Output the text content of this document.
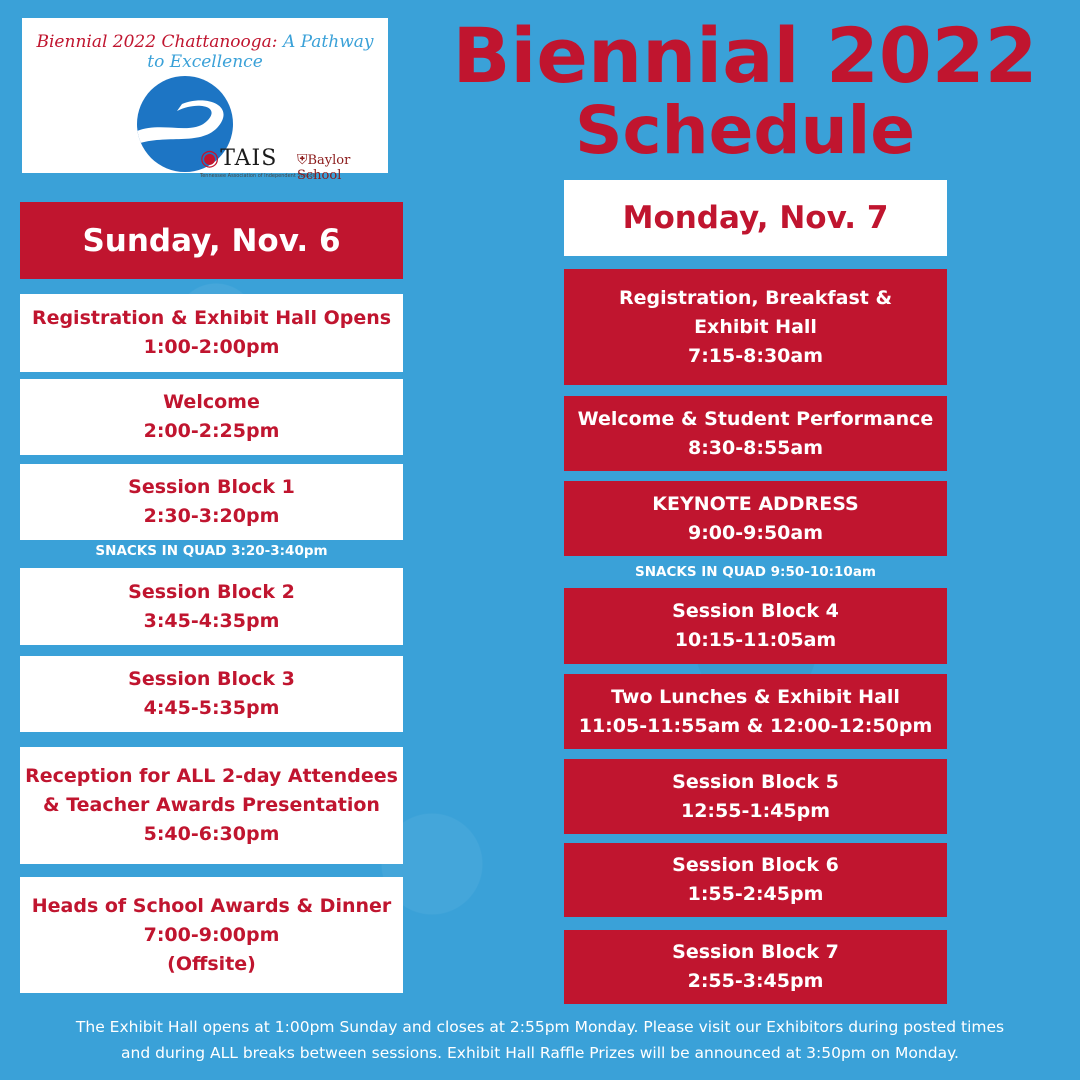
Biennial 2022 Chattanooga: A Pathway to Excellence
◉TAIS
Tennessee Association of Independent Schools
⛨Baylor School
Biennial 2022
Schedule
Sunday, Nov. 6
Registration & Exhibit Hall Opens
1:00-2:00pm
Welcome
2:00-2:25pm
Session Block 1
2:30-3:20pm
Session Block 2
3:45-4:35pm
Session Block 3
4:45-5:35pm
Reception for ALL 2-day Attendees
& Teacher Awards Presentation
5:40-6:30pm
Heads of School Awards & Dinner
7:00-9:00pm
(Offsite)
Monday, Nov. 7
Registration, Breakfast &
Exhibit Hall
7:15-8:30am
Welcome & Student Performance
8:30-8:55am
KEYNOTE ADDRESS
9:00-9:50am
Session Block 4
10:15-11:05am
Two Lunches & Exhibit Hall
11:05-11:55am & 12:00-12:50pm
Session Block 5
12:55-1:45pm
Session Block 6
1:55-2:45pm
Session Block 7
2:55-3:45pm
SNACKS IN QUAD 3:20-3:40pm
SNACKS IN QUAD 9:50-10:10am
The Exhibit Hall opens at 1:00pm Sunday and closes at 2:55pm Monday. Please visit our Exhibitors during posted times
and during ALL breaks between sessions. Exhibit Hall Raffle Prizes will be announced at 3:50pm on Monday.
